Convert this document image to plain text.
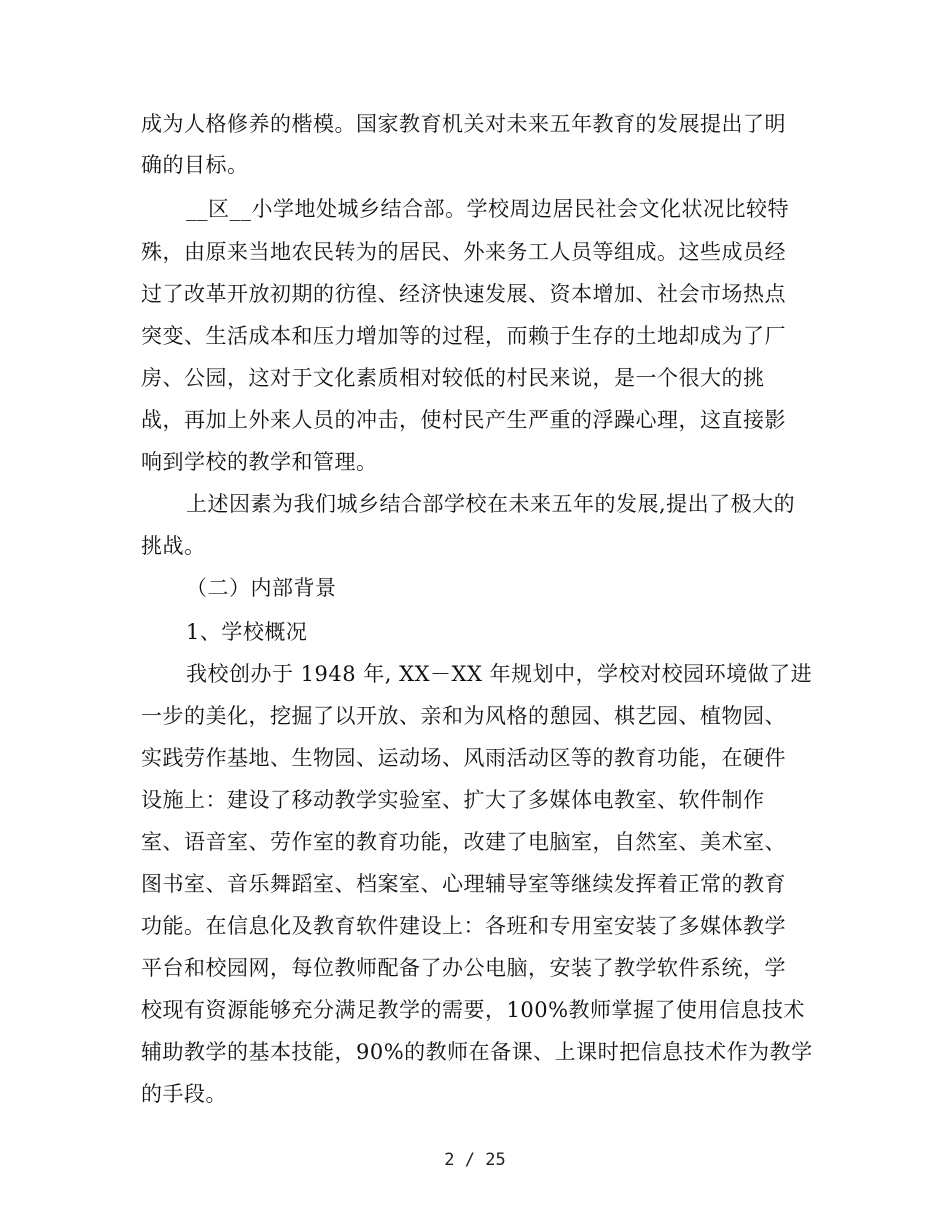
成为人格修养的楷模。国家教育机关对未来五年教育的发展提出了明
确的目标。
__区__小学地处城乡结合部。学校周边居民社会文化状况比较特
殊，由原来当地农民转为的居民、外来务工人员等组成。这些成员经
过了改革开放初期的彷徨、经济快速发展、资本增加、社会市场热点
突变、生活成本和压力增加等的过程，而赖于生存的土地却成为了厂
房、公园，这对于文化素质相对较低的村民来说，是一个很大的挑
战，再加上外来人员的冲击，使村民产生严重的浮躁心理，这直接影
响到学校的教学和管理。
上述因素为我们城乡结合部学校在未来五年的发展,提出了极大的
挑战。
（二）内部背景
1、学校概况
我校创办于 1948 年, XX－XX 年规划中，学校对校园环境做了进
一步的美化，挖掘了以开放、亲和为风格的憩园、棋艺园、植物园、
实践劳作基地、生物园、运动场、风雨活动区等的教育功能，在硬件
设施上：建设了移动教学实验室、扩大了多媒体电教室、软件制作
室、语音室、劳作室的教育功能，改建了电脑室，自然室、美术室、
图书室、音乐舞蹈室、档案室、心理辅导室等继续发挥着正常的教育
功能。在信息化及教育软件建设上：各班和专用室安装了多媒体教学
平台和校园网，每位教师配备了办公电脑，安装了教学软件系统，学
校现有资源能够充分满足教学的需要，100%教师掌握了使用信息技术
辅助教学的基本技能，90%的教师在备课、上课时把信息技术作为教学
的手段。
2 / 25
